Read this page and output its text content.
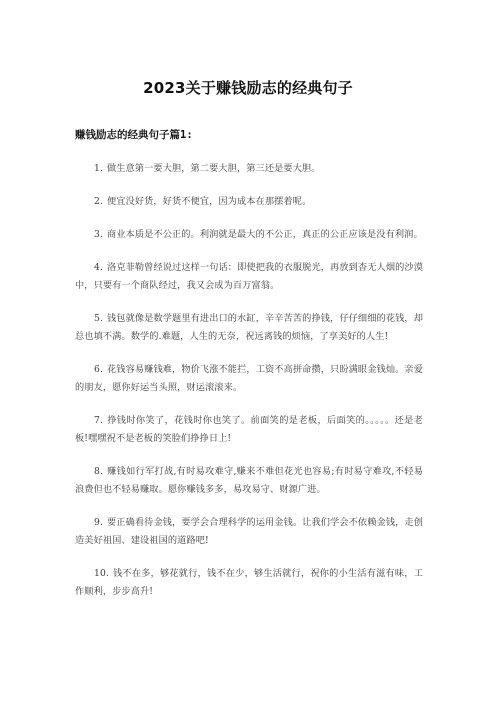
2023关于赚钱励志的经典句子
赚钱励志的经典句子篇1:
1. 做生意第一要大胆，第二要大胆，第三还是要大胆。
2. 便宜没好货，好货不便宜，因为成本在那摆着呢。
3. 商业本质是不公正的。利润就是最大的不公正，真正的公正应该是没有利润。
4. 洛克菲勒曾经说过这样一句话：即使把我的衣服脱光，再放到杳无人烟的沙漠中，只要有一个商队经过，我又会成为百万富翁。
5. 钱包就像是数学题里有进出口的水缸，辛辛苦苦的挣钱，仔仔细细的花钱，却总也填不满。数学的.难题，人生的无奈，祝远离钱的烦恼，了享美好的人生!
6. 花钱容易赚钱难，物价飞涨不能拦，工资不高拼命攒，只盼满眼金钱灿。亲爱的朋友，愿你好运当头照，财运滚滚来。
7. 挣钱时你笑了，花钱时你也笑了。前面笑的是老板，后面笑的。。。。。还是老板!嘿嘿祝不是老板的笑脸们挣挣日上!
8. 赚钱如行军打战,有时易攻难守,赚来不难但花光也容易;有时易守难攻,不轻易浪费但也不轻易赚取。愿你赚钱多多，易攻易守、财源广进。
9. 要正确看待金钱，要学会合理科学的运用金钱。让我们学会不依赖金钱，走创造美好祖国、建设祖国的道路吧!
10. 钱不在多，够花就行，钱不在少，够生活就行，祝你的小生活有滋有味，工作顺利，步步高升!
